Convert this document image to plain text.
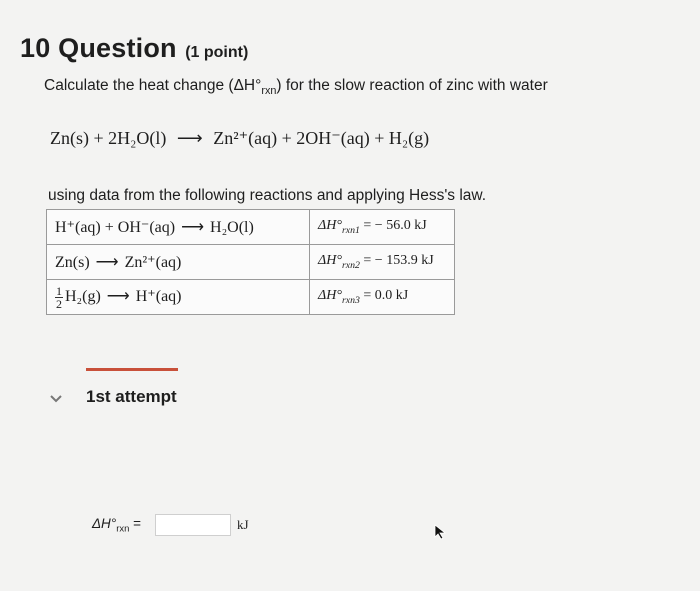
10 Question (1 point)
Calculate the heat change $(\Delta H^\circ_{rxn})$ for the slow reaction of zinc with water
Zn(s) + 2H₂O(l) ⟶ Zn²⁺(aq) + 2OH⁻(aq) + H₂(g)
using data from the following reactions and applying Hess's law.
H⁺(aq) + OH⁻(aq) ⟶ H₂O(l)	$\Delta H^\circ_{rxn1}$ = − 56.0 kJ
Zn(s) ⟶ Zn²⁺(aq)	$\Delta H^\circ_{rxn2}$ = − 153.9 kJ

$\frac{1}{2} H_2(g)$ ⟶ H⁺(aq)	$\Delta H^\circ_{rxn3} = 0.0$ kJ
1st attempt
$\Delta H^\circ_{rxn}$ =	kJ
